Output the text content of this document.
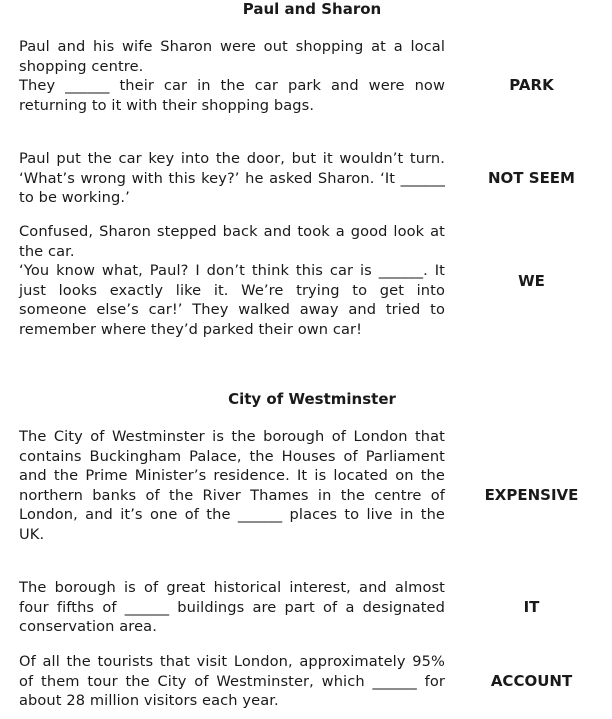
Paul and Sharon
Paul and his wife Sharon were out shopping at a local shopping centre.
They ______ their car in the car park and were now returning to it with their shopping bags.
PARK
Paul put the car key into the door, but it wouldn’t turn. ‘What’s wrong with this key?’ he asked Sharon. ‘It ______ to be working.’
NOT SEEM
Confused, Sharon stepped back and took a good look at the car.
‘You know what, Paul? I don’t think this car is ______. It just looks exactly like it. We’re trying to get into someone else’s car!’ They walked away and tried to remember where they’d parked their own car!
WE
City of Westminster
The City of Westminster is the borough of London that contains Buckingham Palace, the Houses of Parliament and the Prime Minister’s residence. It is located on the northern banks of the River Thames in the centre of London, and it’s one of the ______ places to live in the UK.
EXPENSIVE
The borough is of great historical interest, and almost four fifths of ______ buildings are part of a designated conservation area.
IT
Of all the tourists that visit London, approximately 95% of them tour the City of Westminster, which ______ for about 28 million visitors each year.
ACCOUNT
